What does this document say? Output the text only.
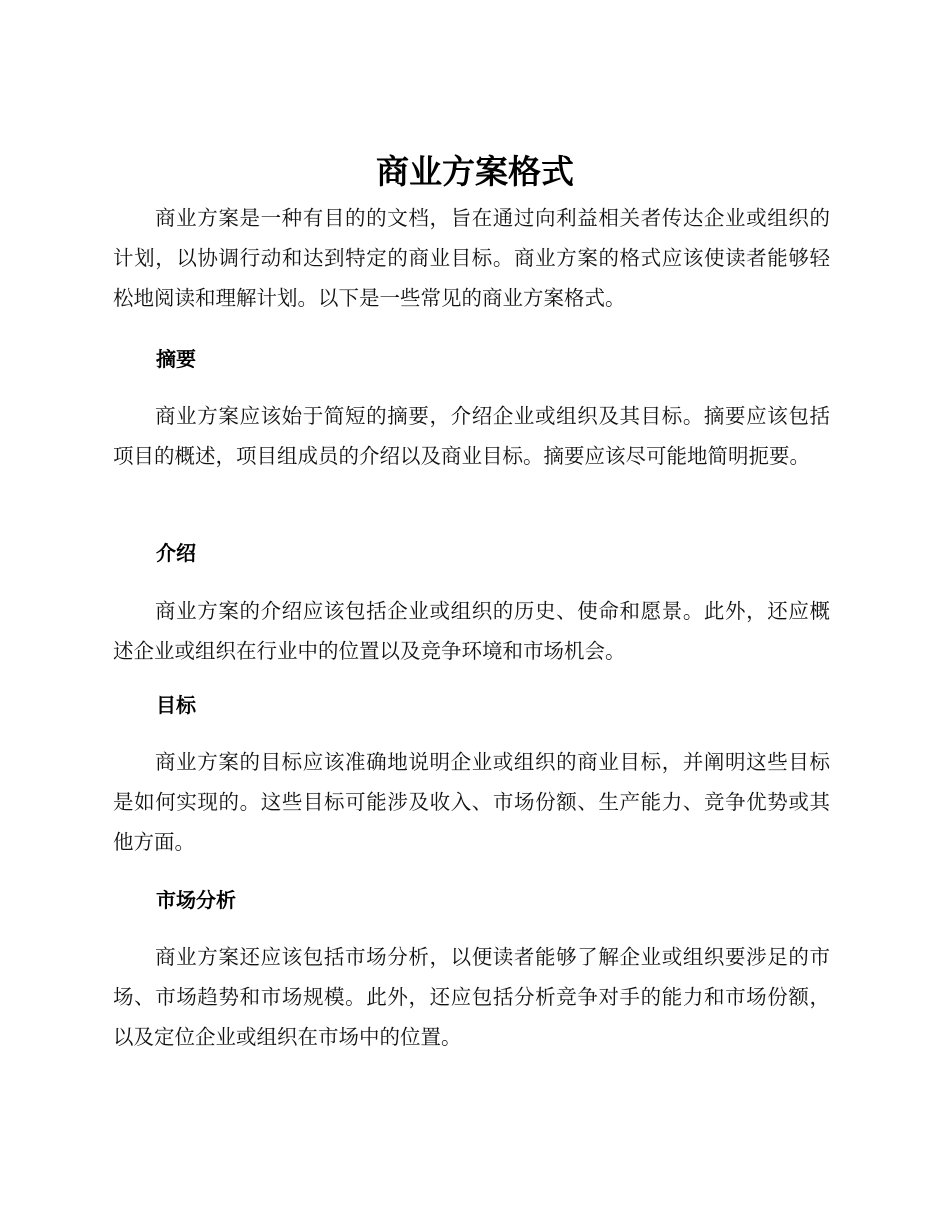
商业方案格式

商业方案是一种有目的的文档，旨在通过向利益相关者传达企业或组织的计划，以协调行动和达到特定的商业目标。商业方案的格式应该使读者能够轻松地阅读和理解计划。以下是一些常见的商业方案格式。

摘要

商业方案应该始于简短的摘要，介绍企业或组织及其目标。摘要应该包括项目的概述，项目组成员的介绍以及商业目标。摘要应该尽可能地简明扼要。

介绍

商业方案的介绍应该包括企业或组织的历史、使命和愿景。此外，还应概述企业或组织在行业中的位置以及竞争环境和市场机会。

目标

商业方案的目标应该准确地说明企业或组织的商业目标，并阐明这些目标是如何实现的。这些目标可能涉及收入、市场份额、生产能力、竞争优势或其他方面。

市场分析

商业方案还应该包括市场分析，以便读者能够了解企业或组织要涉足的市场、市场趋势和市场规模。此外，还应包括分析竞争对手的能力和市场份额，以及定位企业或组织在市场中的位置。
